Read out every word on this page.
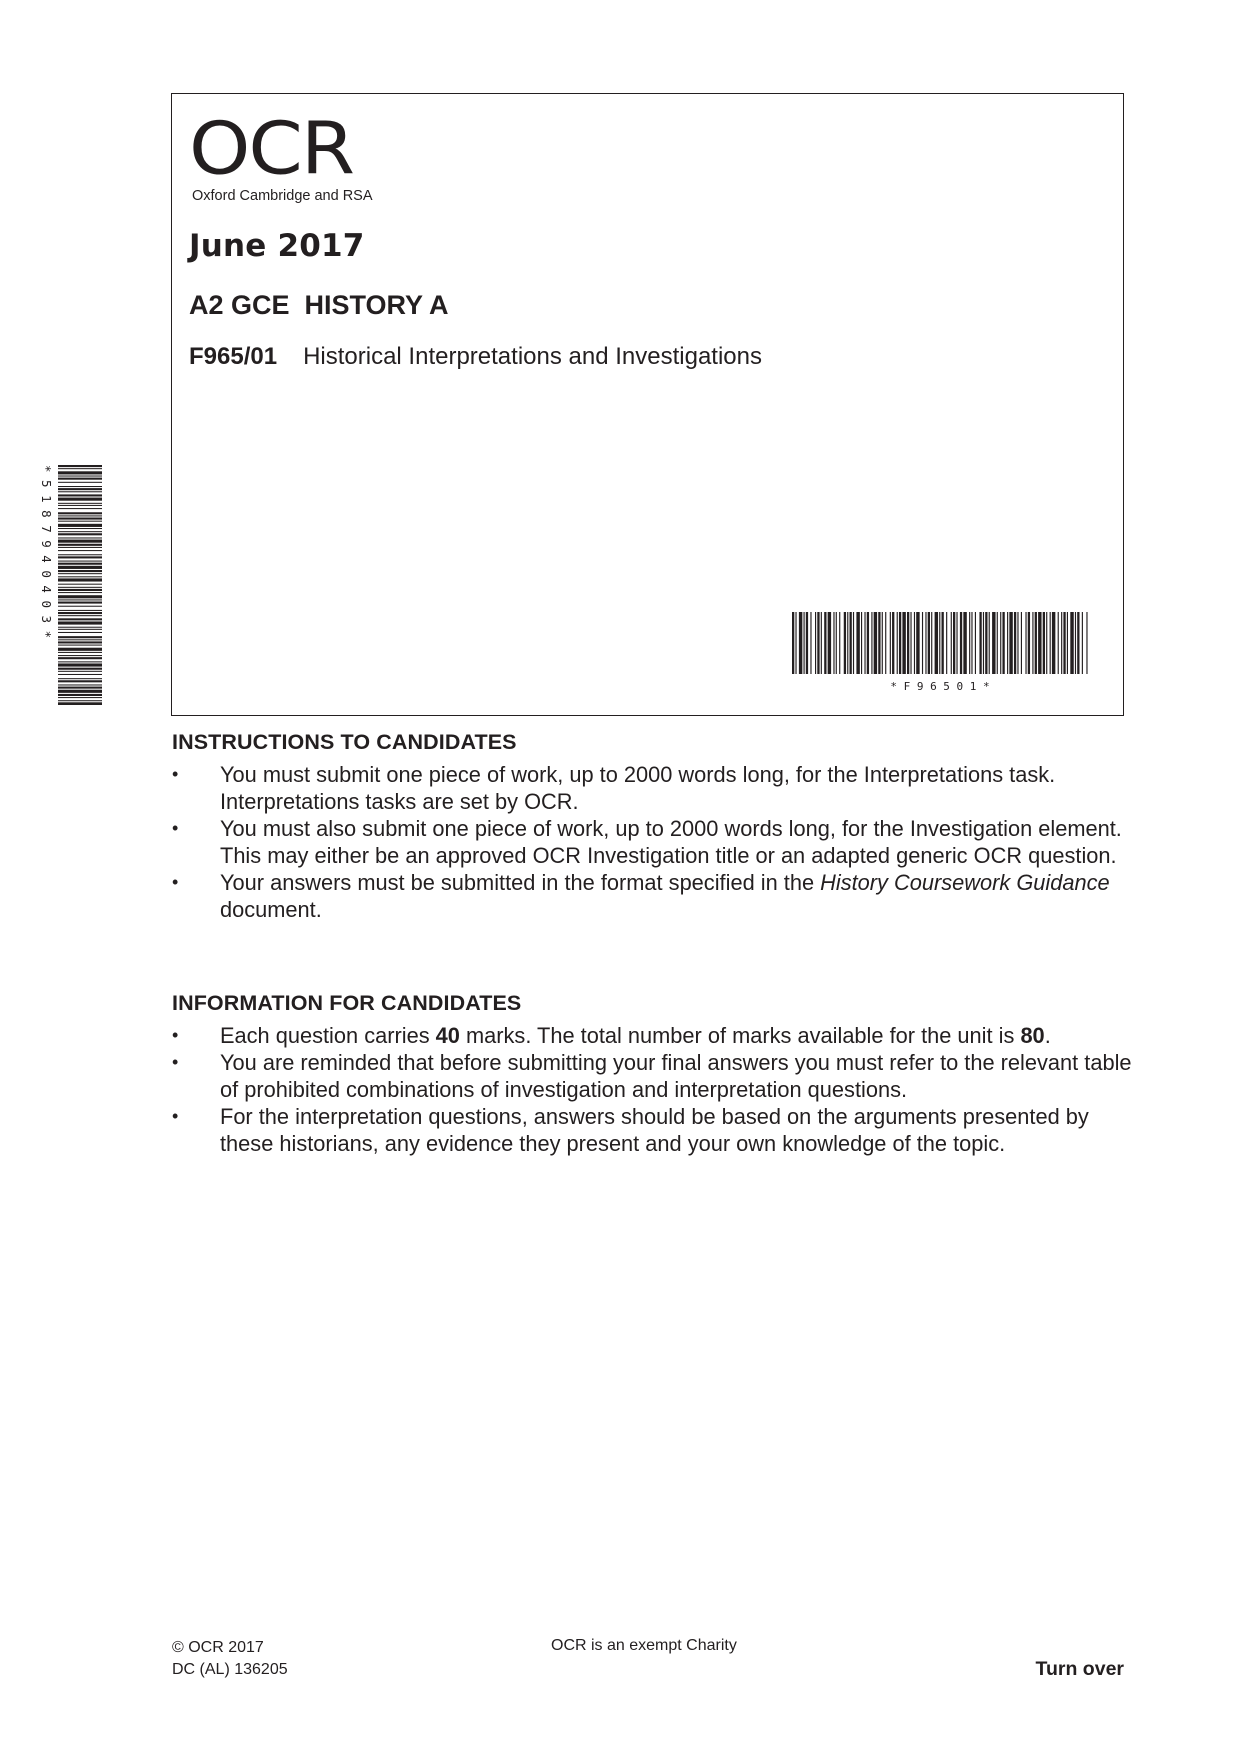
OCR
Oxford Cambridge and RSA
June 2017
A2 GCE  HISTORY A
F965/01 Historical Interpretations and Investigations
* F 9 6 5 0 1 *
* 5 1 8 7 9 4 0 4 0 3 *
INSTRUCTIONS TO CANDIDATES
• You must submit one piece of work, up to 2000 words long, for the Interpretations task. Interpretations tasks are set by OCR.
• You must also submit one piece of work, up to 2000 words long, for the Investigation element. This may either be an approved OCR Investigation title or an adapted generic OCR question.
• Your answers must be submitted in the format specified in the History Coursework Guidance document.
INFORMATION FOR CANDIDATES
• Each question carries 40 marks. The total number of marks available for the unit is 80.
• You are reminded that before submitting your final answers you must refer to the relevant table of prohibited combinations of investigation and interpretation questions.
• For the interpretation questions, answers should be based on the arguments presented by these historians, any evidence they present and your own knowledge of the topic.
© OCR 2017
DC (AL) 136205
OCR is an exempt Charity
Turn over
